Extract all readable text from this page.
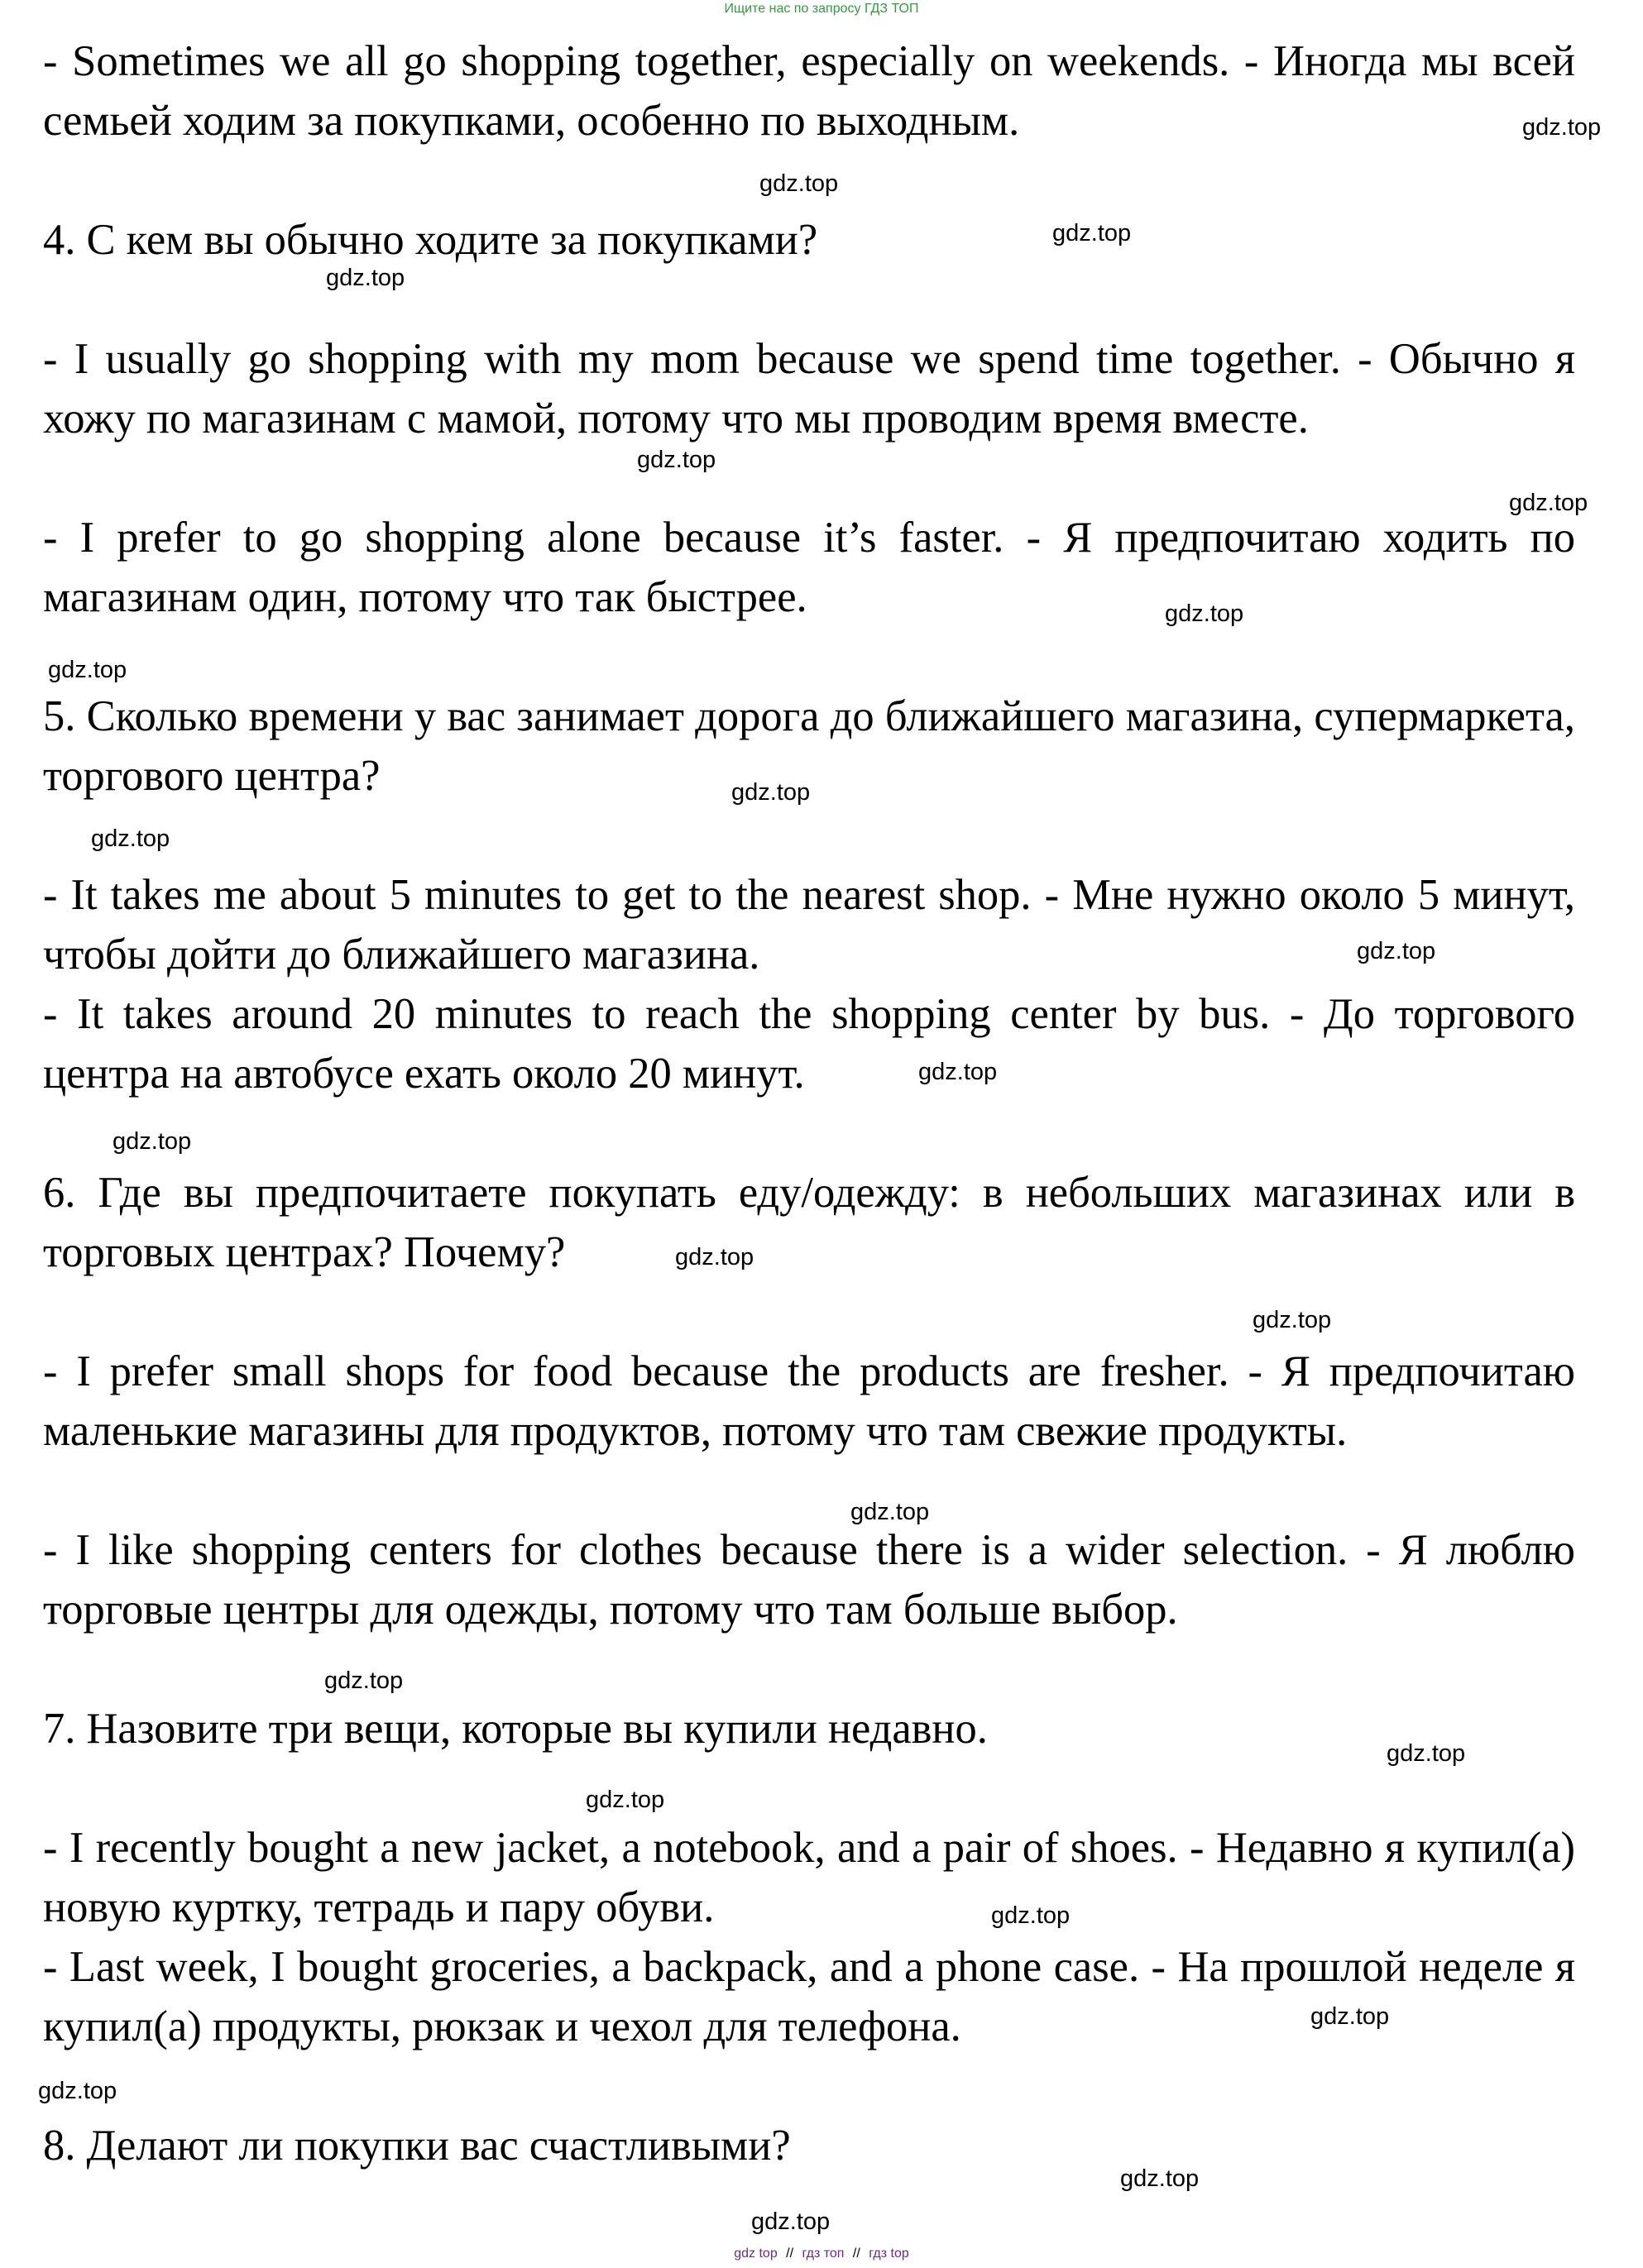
Ищите нас по запросу ГДЗ ТОП

- Sometimes we all go shopping together, especially on weekends. - Иногда мы всей семьей ходим за покупками, особенно по выходным.

4. С кем вы обычно ходите за покупками?

- I usually go shopping with my mom because we spend time together. - Обычно я хожу по магазинам с мамой, потому что мы проводим время вместе.

- I prefer to go shopping alone because it’s faster. - Я предпочитаю ходить по магазинам один, потому что так быстрее.

5. Сколько времени у вас занимает дорога до ближайшего магазина, супермаркета, торгового центра?

- It takes me about 5 minutes to get to the nearest shop. - Мне нужно около 5 минут, чтобы дойти до ближайшего магазина.

- It takes around 20 minutes to reach the shopping center by bus. - До торгового центра на автобусе ехать около 20 минут.

6. Где вы предпочитаете покупать еду/одежду: в небольших магазинах или в торговых центрах? Почему?

- I prefer small shops for food because the products are fresher. - Я предпочитаю маленькие магазины для продуктов, потому что там свежие продукты.

- I like shopping centers for clothes because there is a wider selection. - Я люблю торговые центры для одежды, потому что там больше выбор.

7. Назовите три вещи, которые вы купили недавно.

- I recently bought a new jacket, a notebook, and a pair of shoes. - Недавно я купил(а) новую куртку, тетрадь и пару обуви.

- Last week, I bought groceries, a backpack, and a phone case. - На прошлой неделе я купил(а) продукты, рюкзак и чехол для телефона.

8. Делают ли покупки вас счастливыми?

gdz.top
gdz.top
gdz.top
gdz.top
gdz.top
gdz.top
gdz.top
gdz.top
gdz.top
gdz.top
gdz.top
gdz.top
gdz.top
gdz.top
gdz.top
gdz.top
gdz.top
gdz.top
gdz.top
gdz.top
gdz.top
gdz.top
gdz.top
gdz.top
gdz top // гдз топ // гдз top
